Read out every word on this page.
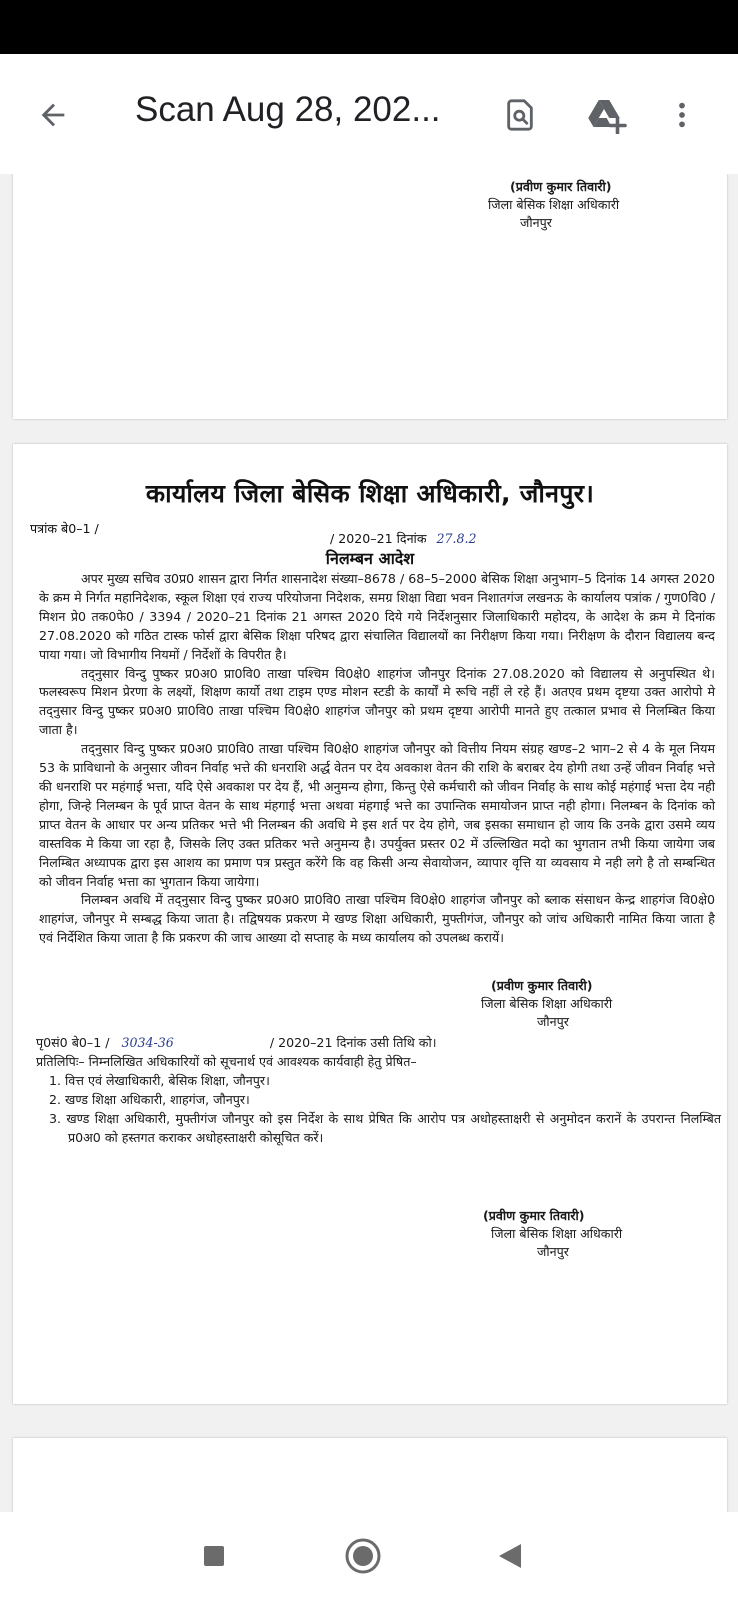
Scan Aug 28, 202...
(प्रवीण कुमार तिवारी)
जिला बेसिक शिक्षा अधिकारी
जौनपुर
कार्यालय जिला बेसिक शिक्षा अधिकारी, जौनपुर।
पत्रांक बे0–1 /
/ 2020–21 दिनांक 27.8.2
निलम्बन आदेश

अपर मुख्य सचिव उ0प्र0 शासन द्वारा निर्गत शासनादेश संख्या–8678 / 68–5–2000 बेसिक शिक्षा अनुभाग–5 दिनांक 14 अगस्त 2020 के क्रम मे निर्गत महानिदेशक, स्कूल शिक्षा एवं राज्य परियोजना निदेशक, समग्र शिक्षा विद्या भवन निशातगंज लखनऊ के कार्यालय पत्रांक / गुण0वि0 / मिशन प्रे0 तक0फे0 / 3394 / 2020–21 दिनांक 21 अगस्त 2020 दिये गये निर्देशनुसार जिलाधिकारी महोदय, के आदेश के क्रम मे दिनांक 27.08.2020 को गठित टास्क फोर्स द्वारा बेसिक शिक्षा परिषद द्वारा संचालित विद्यालयों का निरीक्षण किया गया। निरीक्षण के दौरान विद्यालय बन्द पाया गया। जो विभागीय नियमों / निर्देशों के विपरीत है।

तद्नुसार विन्दु पुष्कर प्र0अ0 प्रा0वि0 ताखा पश्चिम वि0क्षे0 शाहगंज जौनपुर दिनांक 27.08.2020 को विद्यालय से अनुपस्थित थे। फलस्वरूप मिशन प्रेरणा के लक्ष्यों, शिक्षण कार्यो तथा टाइम एण्ड मोशन स्टडी के कार्यों मे रूचि नहीं ले रहे हैं। अतएव प्रथम दृष्टया उक्त आरोपो मे तद्नुसार विन्दु पुष्कर प्र0अ0 प्रा0वि0 ताखा पश्चिम वि0क्षे0 शाहगंज जौनपुर को प्रथम दृष्टया आरोपी मानते हुए तत्काल प्रभाव से निलम्बित किया जाता है।

तद्नुसार विन्दु पुष्कर प्र0अ0 प्रा0वि0 ताखा पश्चिम वि0क्षे0 शाहगंज जौनपुर को वित्तीय नियम संग्रह खण्ड–2 भाग–2 से 4 के मूल नियम 53 के प्राविधानो के अनुसार जीवन निर्वाह भत्ते की धनराशि अर्द्ध वेतन पर देय अवकाश वेतन की राशि के बराबर देय होगी तथा उन्हें जीवन निर्वाह भत्ते की धनराशि पर महंगाई भत्ता, यदि ऐसे अवकाश पर देय हैं, भी अनुमन्य होगा, किन्तु ऐसे कर्मचारी को जीवन निर्वाह के साथ कोई महंगाई भत्ता देय नही होगा, जिन्हे निलम्बन के पूर्व प्राप्त वेतन के साथ मंहगाई भत्ता अथवा मंहगाई भत्ते का उपान्तिक समायोजन प्राप्त नही होगा। निलम्बन के दिनांक को प्राप्त वेतन के आधार पर अन्य प्रतिकर भत्ते भी निलम्बन की अवधि मे इस शर्त पर देय होगे, जब इसका समाधान हो जाय कि उनके द्वारा उसमे व्यय वास्तविक मे किया जा रहा है, जिसके लिए उक्त प्रतिकर भत्ते अनुमन्य है। उपर्युक्त प्रस्तर 02 में उल्लिखित मदो का भुगतान तभी किया जायेगा जब निलम्बित अध्यापक द्वारा इस आशय का प्रमाण पत्र प्रस्तुत करेंगे कि वह किसी अन्य सेवायोजन, व्यापार वृत्ति या व्यवसाय मे नही लगे है तो सम्बन्धित को जीवन निर्वाह भत्ता का भुगतान किया जायेगा।

निलम्बन अवधि में तद्नुसार विन्दु पुष्कर प्र0अ0 प्रा0वि0 ताखा पश्चिम वि0क्षे0 शाहगंज जौनपुर को ब्लाक संसाधन केन्द्र शाहगंज वि0क्षे0 शाहगंज, जौनपुर मे सम्बद्ध किया जाता है। तद्विषयक प्रकरण मे खण्ड शिक्षा अधिकारी, मुफ्तीगंज, जौनपुर को जांच अधिकारी नामित किया जाता है एवं निर्देशित किया जाता है कि प्रकरण की जाच आख्या दो सप्ताह के मध्य कार्यालय को उपलब्ध करायें।

(प्रवीण कुमार तिवारी)
जिला बेसिक शिक्षा अधिकारी
जौनपुर
पृ0सं0 बे0–1 / 3034-36	/ 2020–21 दिनांक उसी तिथि को।
प्रतिलिपिः– निम्नलिखित अधिकारियों को सूचनार्थ एवं आवश्यक कार्यवाही हेतु प्रेषित–
1. वित्त एवं लेखाधिकारी, बेसिक शिक्षा, जौनपुर।
2. खण्ड शिक्षा अधिकारी, शाहगंज, जौनपुर।
3. खण्ड शिक्षा अधिकारी, मुफ्तीगंज जौनपुर को इस निर्देश के साथ प्रेषित कि आरोप पत्र अधोहस्ताक्षरी से अनुमोदन करानें के उपरान्त निलम्बित प्र0अ0 को हस्तगत कराकर अधोहस्ताक्षरी कोसूचित करें।
(प्रवीण कुमार तिवारी)
जिला बेसिक शिक्षा अधिकारी
जौनपुर
